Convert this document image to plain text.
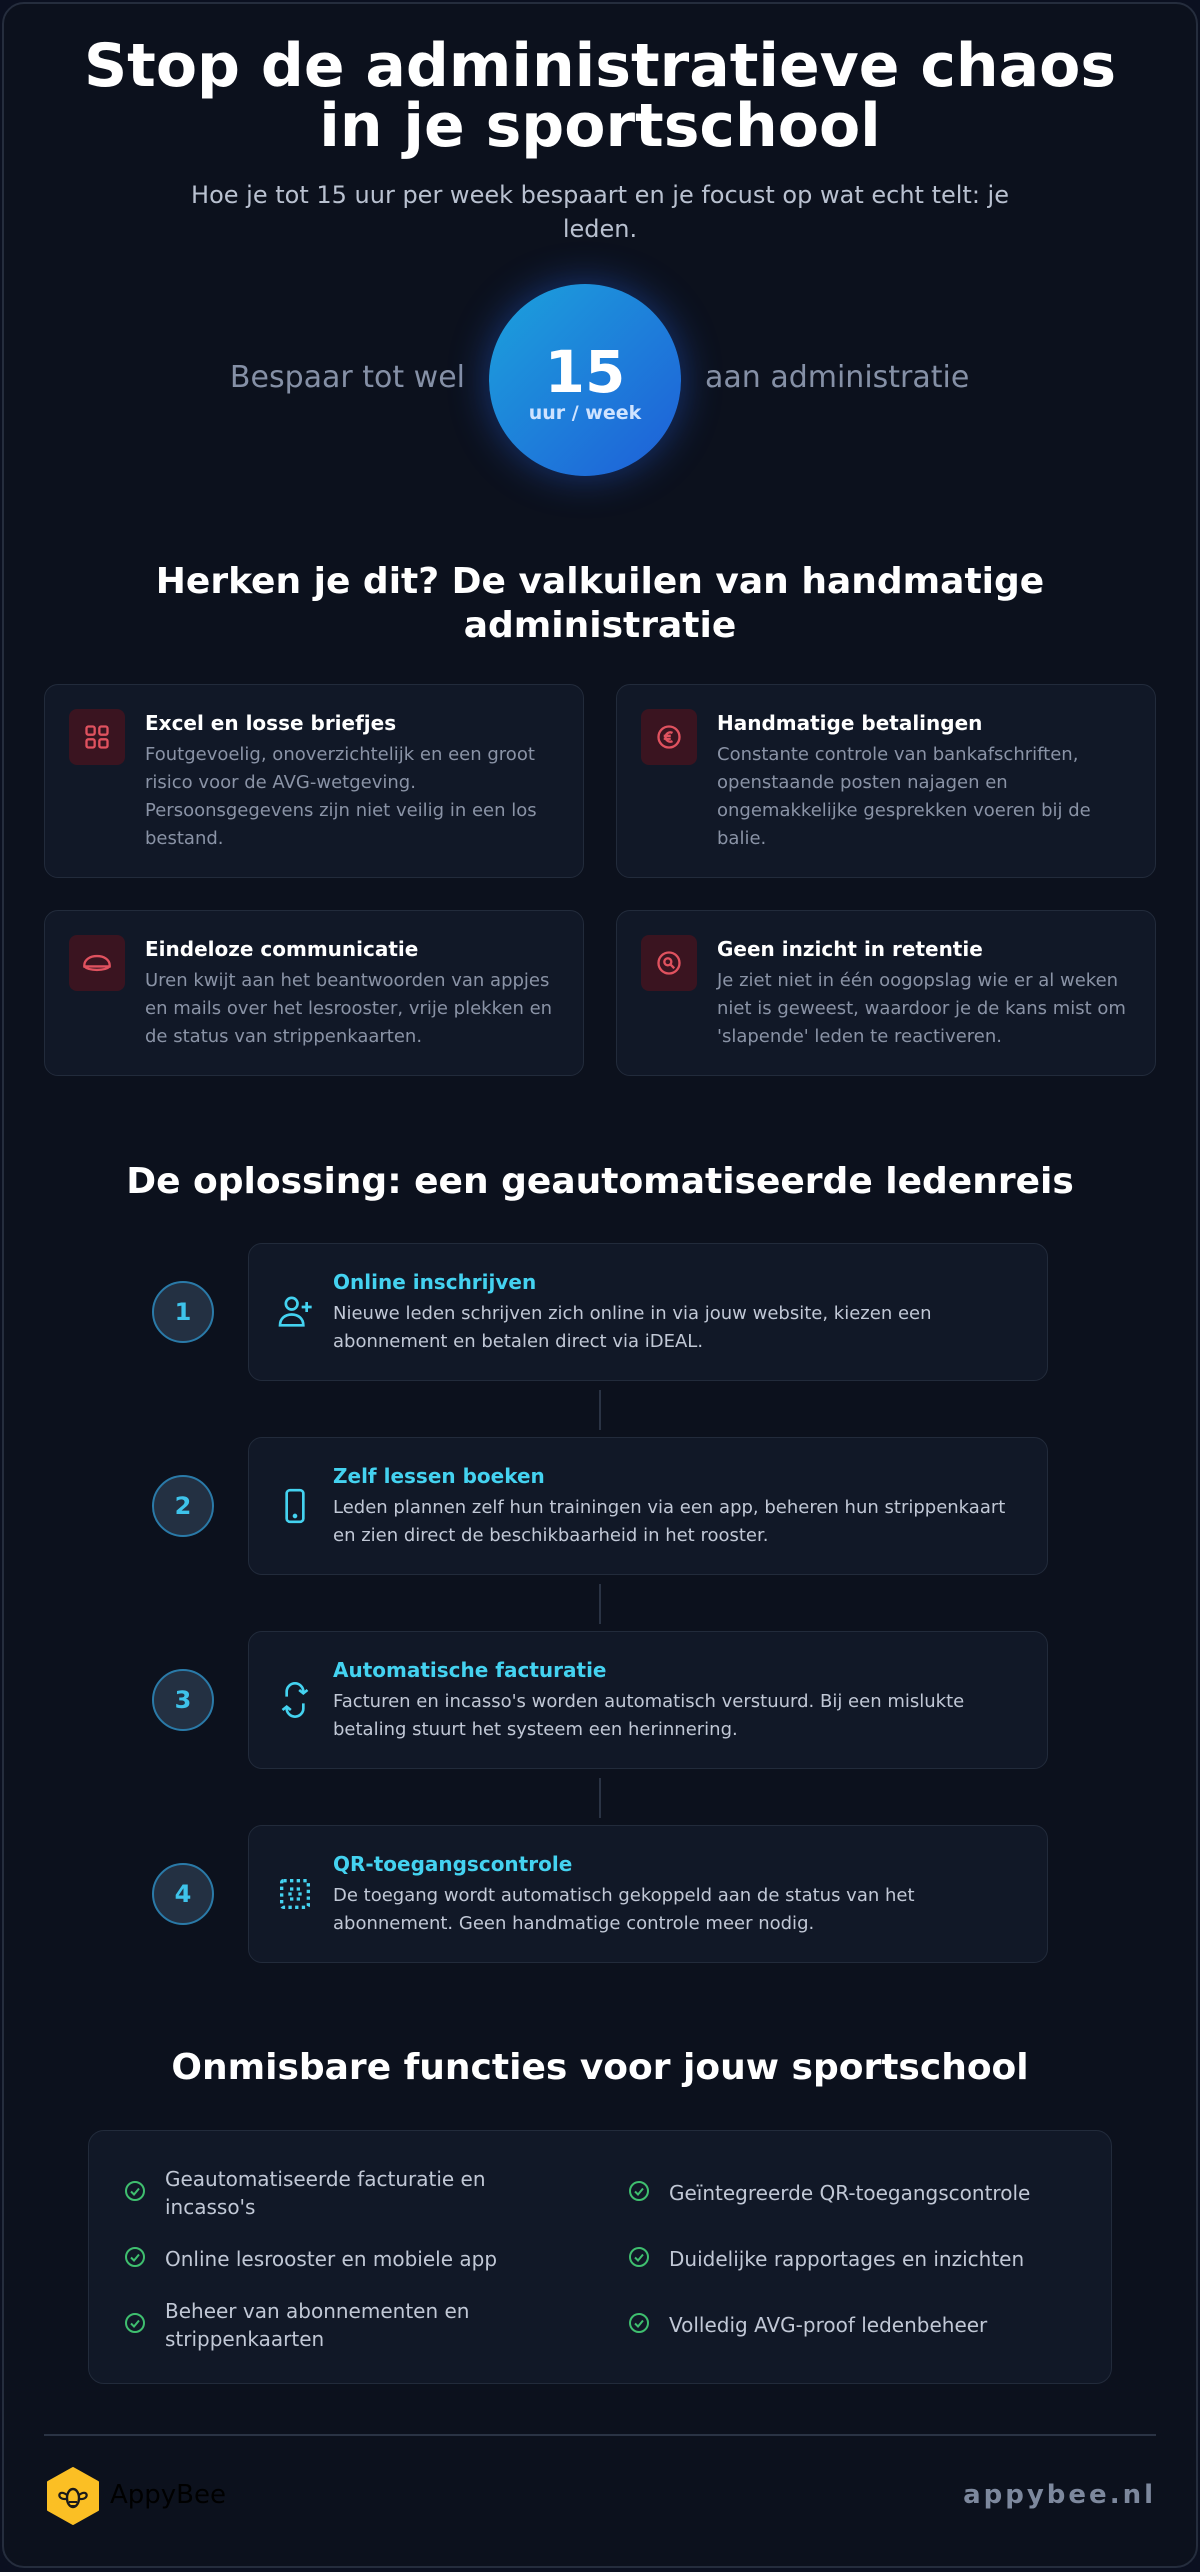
Stop de administratieve chaos
in je sportschool

Hoe je tot 15 uur per week bespaart en je focust op wat echt telt: je leden.

Bespaar tot wel	15
uur / week
aan administratie
Herken je dit? De valkuilen van handmatige administratie
Excel en losse briefjes
Foutgevoelig, onoverzichtelijk en een groot risico voor de AVG-wetgeving. Persoonsgegevens zijn niet veilig in een los bestand.
Handmatige betalingen
Constante controle van bankafschriften, openstaande posten najagen en ongemakkelijke gesprekken voeren bij de balie.
Eindeloze communicatie
Uren kwijt aan het beantwoorden van appjes en mails over het lesrooster, vrije plekken en de status van strippenkaarten.
Geen inzicht in retentie
Je ziet niet in één oogopslag wie er al weken niet is geweest, waardoor je de kans mist om 'slapende' leden te reactiveren.
De oplossing: een geautomatiseerde ledenreis
1
Online inschrijven
Nieuwe leden schrijven zich online in via jouw website, kiezen een abonnement en betalen direct via iDEAL.
2
Zelf lessen boeken
Leden plannen zelf hun trainingen via een app, beheren hun strippenkaart en zien direct de beschikbaarheid in het rooster.
3
Automatische facturatie
Facturen en incasso's worden automatisch verstuurd. Bij een mislukte betaling stuurt het systeem een herinnering.
4
QR-toegangscontrole
De toegang wordt automatisch gekoppeld aan de status van het abonnement. Geen handmatige controle meer nodig.
Onmisbare functies voor jouw sportschool
Geautomatiseerde facturatie en incasso's
Geïntegreerde QR-toegangscontrole
Online lesrooster en mobiele app	Duidelijke rapportages en inzichten
Beheer van abonnementen en strippenkaarten
Volledig AVG-proof ledenbeheer
AppyBee	appybee.nl
